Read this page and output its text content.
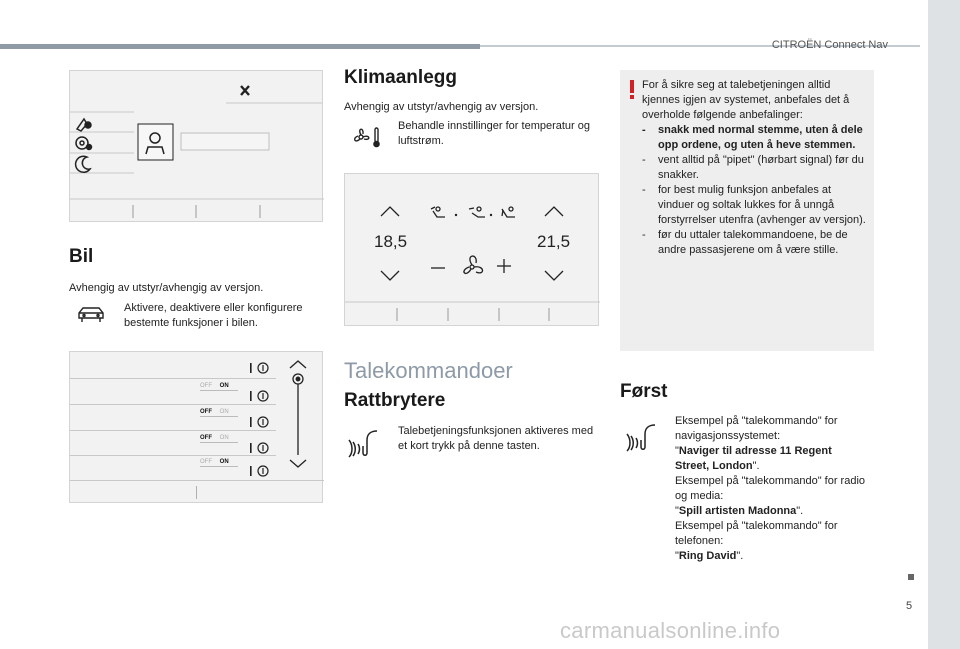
CITROËN Connect Nav
5
carmanualsonline.info
Bil
Avhengig av utstyr/avhengig av versjon.
Aktivere, deaktivere eller konfigurere bestemte funksjoner i bilen.
OFF ON
OFF ON
OFF ON
OFF ON
Klimaanlegg
Avhengig av utstyr/avhengig av versjon.
Behandle innstillinger for temperatur og luftstrøm.
18,5	21,5
Talekommandoer
Rattbrytere
Talebetjeningsfunksjonen aktiveres med et kort trykk på denne tasten.
For å sikre seg at talebetjeningen alltid kjennes igjen av systemet, anbefales det å overholde følgende anbefalinger:
- snakk med normal stemme, uten å dele opp ordene, og uten å heve stemmen.
- vent alltid på "pipet" (hørbart signal) før du snakker.
- for best mulig funksjon anbefales at vinduer og soltak lukkes for å unngå forstyrrelser utenfra (avhenger av versjon).
- før du uttaler talekommandoene, be de andre passasjerene om å være stille.
Først
Eksempel på "talekommando" for navigasjonssystemet:
"Naviger til adresse 11 Regent Street, London".
Eksempel på "talekommando" for radio og media:
"Spill artisten Madonna".
Eksempel på "talekommando" for telefonen:
"Ring David".
